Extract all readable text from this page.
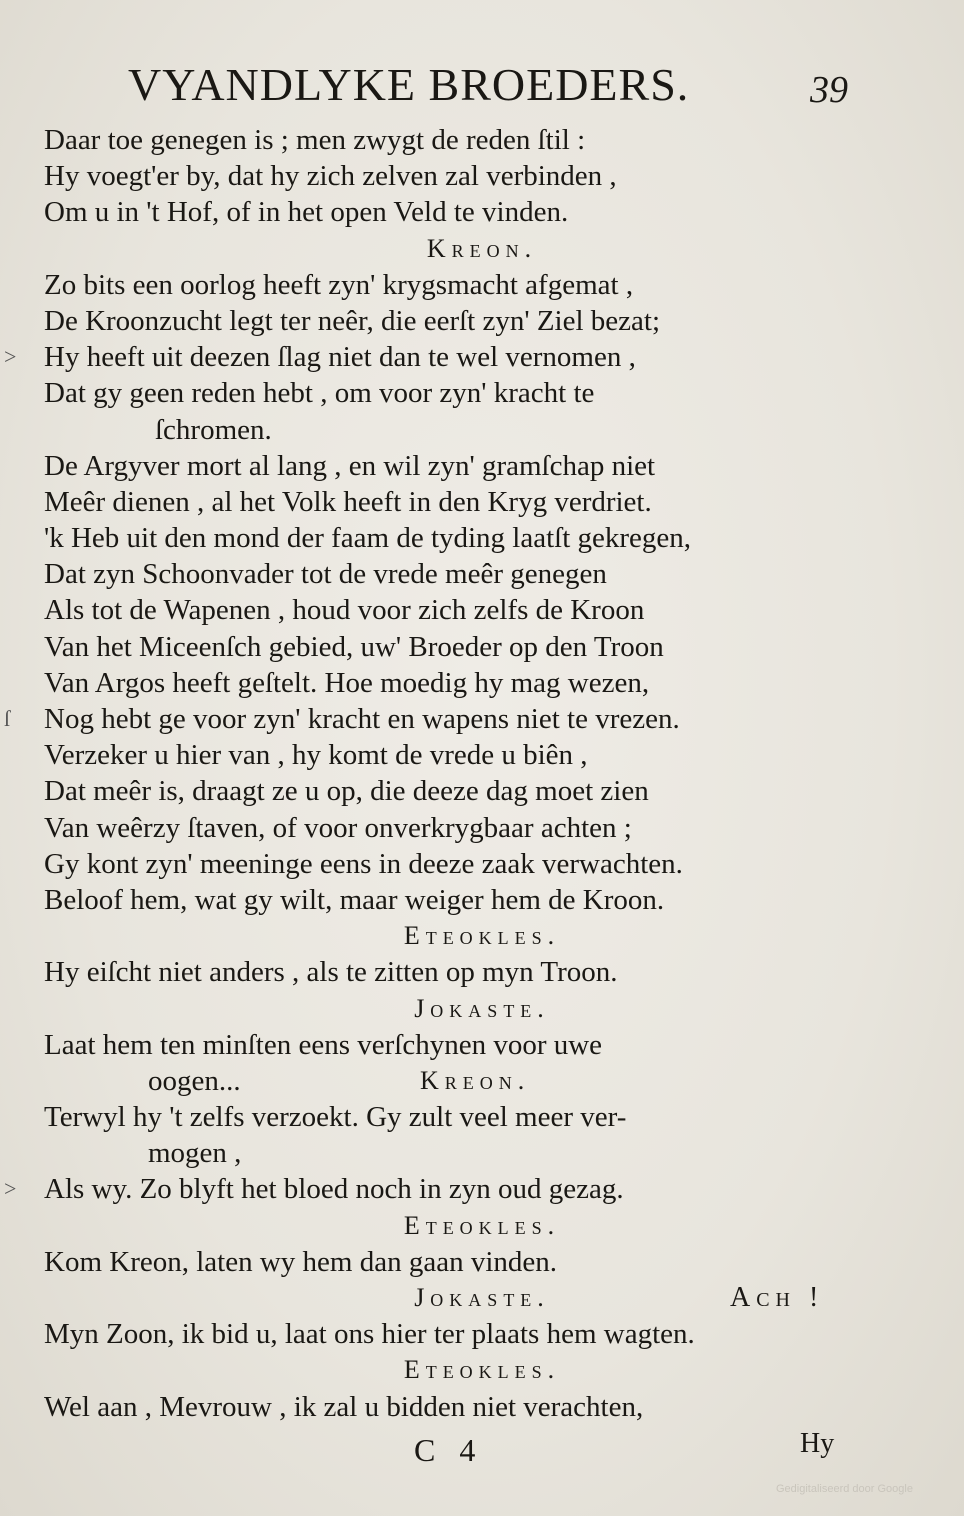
VYANDLYKE BROEDERS.	39
Daar toe genegen is ; men zwygt de reden ſtil :
Hy voegt'er by, dat hy zich zelven zal verbinden ,
Om u in 't Hof, of in het open Veld te vinden.
Kreon.
Zo bits een oorlog heeft zyn' krygsmacht afgemat ,
De Kroonzucht legt ter neêr, die eerſt zyn' Ziel bezat;
> Hy heeft uit deezen ſlag niet dan te wel vernomen ,
Dat gy geen reden hebt , om voor zyn' kracht te
ſchromen.
De Argyver mort al lang , en wil zyn' gramſchap niet
Meêr dienen , al het Volk heeft in den Kryg verdriet.
'k Heb uit den mond der faam de tyding laatſt gekregen,
Dat zyn Schoonvader tot de vrede meêr genegen
Als tot de Wapenen , houd voor zich zelfs de Kroon
Van het Miceenſch gebied, uw' Broeder op den Troon
Van Argos heeft geſtelt. Hoe moedig hy mag wezen,
ſ Nog hebt ge voor zyn' kracht en wapens niet te vrezen.
Verzeker u hier van , hy komt de vrede u biên ,
Dat meêr is, draagt ze u op, die deeze dag moet zien
Van weêrzy ſtaven, of voor onverkrygbaar achten ;
Gy kont zyn' meeninge eens in deeze zaak verwachten.
Beloof hem, wat gy wilt, maar weiger hem de Kroon.
Eteokles.
Hy eiſcht niet anders , als te zitten op myn Troon.
Jokaste.
Laat hem ten minſten eens verſchynen voor uwe
oogen...	Kreon.
Terwyl hy 't zelfs verzoekt. Gy zult veel meer ver-
mogen ,
> Als wy. Zo blyft het bloed noch in zyn oud gezag.
Eteokles.
Kom Kreon, laten wy hem dan gaan vinden.
Jokaste.	Ach !
Myn Zoon, ik bid u, laat ons hier ter plaats hem wagten.
Eteokles.
Wel aan , Mevrouw , ik zal u bidden niet verachten,
C 4	Hy
Gedigitaliseerd door Google
